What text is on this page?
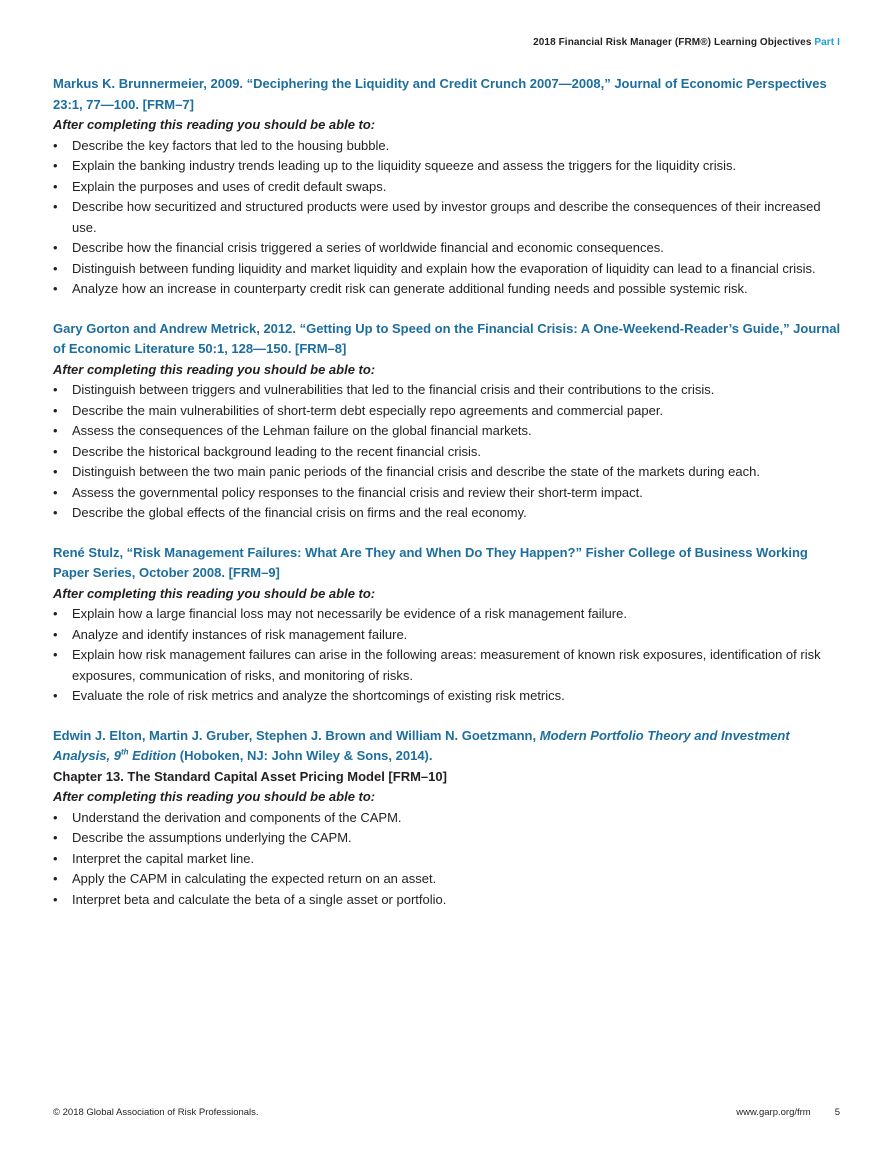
2018 Financial Risk Manager (FRM®) Learning Objectives Part I
Markus K. Brunnermeier, 2009. “Deciphering the Liquidity and Credit Crunch 2007—2008,” Journal of Economic Perspectives 23:1, 77—100. [FRM–7]
After completing this reading you should be able to:
• Describe the key factors that led to the housing bubble.
• Explain the banking industry trends leading up to the liquidity squeeze and assess the triggers for the liquidity crisis.
• Explain the purposes and uses of credit default swaps.
• Describe how securitized and structured products were used by investor groups and describe the consequences of their increased use.
• Describe how the financial crisis triggered a series of worldwide financial and economic consequences.
• Distinguish between funding liquidity and market liquidity and explain how the evaporation of liquidity can lead to a financial crisis.
• Analyze how an increase in counterparty credit risk can generate additional funding needs and possible systemic risk.
Gary Gorton and Andrew Metrick, 2012. “Getting Up to Speed on the Financial Crisis: A One-Weekend-Reader’s Guide,” Journal of Economic Literature 50:1, 128—150. [FRM–8]
After completing this reading you should be able to:
• Distinguish between triggers and vulnerabilities that led to the financial crisis and their contributions to the crisis.
• Describe the main vulnerabilities of short-term debt especially repo agreements and commercial paper.
• Assess the consequences of the Lehman failure on the global financial markets.
• Describe the historical background leading to the recent financial crisis.
• Distinguish between the two main panic periods of the financial crisis and describe the state of the markets during each.
• Assess the governmental policy responses to the financial crisis and review their short-term impact.
• Describe the global effects of the financial crisis on firms and the real economy.
René Stulz, “Risk Management Failures: What Are They and When Do They Happen?” Fisher College of Business Working Paper Series, October 2008. [FRM–9]
After completing this reading you should be able to:
• Explain how a large financial loss may not necessarily be evidence of a risk management failure.
• Analyze and identify instances of risk management failure.
• Explain how risk management failures can arise in the following areas: measurement of known risk exposures, identification of risk exposures, communication of risks, and monitoring of risks.
• Evaluate the role of risk metrics and analyze the shortcomings of existing risk metrics.
Edwin J. Elton, Martin J. Gruber, Stephen J. Brown and William N. Goetzmann, Modern Portfolio Theory and Investment Analysis, 9th Edition (Hoboken, NJ: John Wiley & Sons, 2014).
Chapter 13. The Standard Capital Asset Pricing Model [FRM–10]
After completing this reading you should be able to:
• Understand the derivation and components of the CAPM.
• Describe the assumptions underlying the CAPM.
• Interpret the capital market line.
• Apply the CAPM in calculating the expected return on an asset.
• Interpret beta and calculate the beta of a single asset or portfolio.
© 2018 Global Association of Risk Professionals.	www.garp.org/frm	5
